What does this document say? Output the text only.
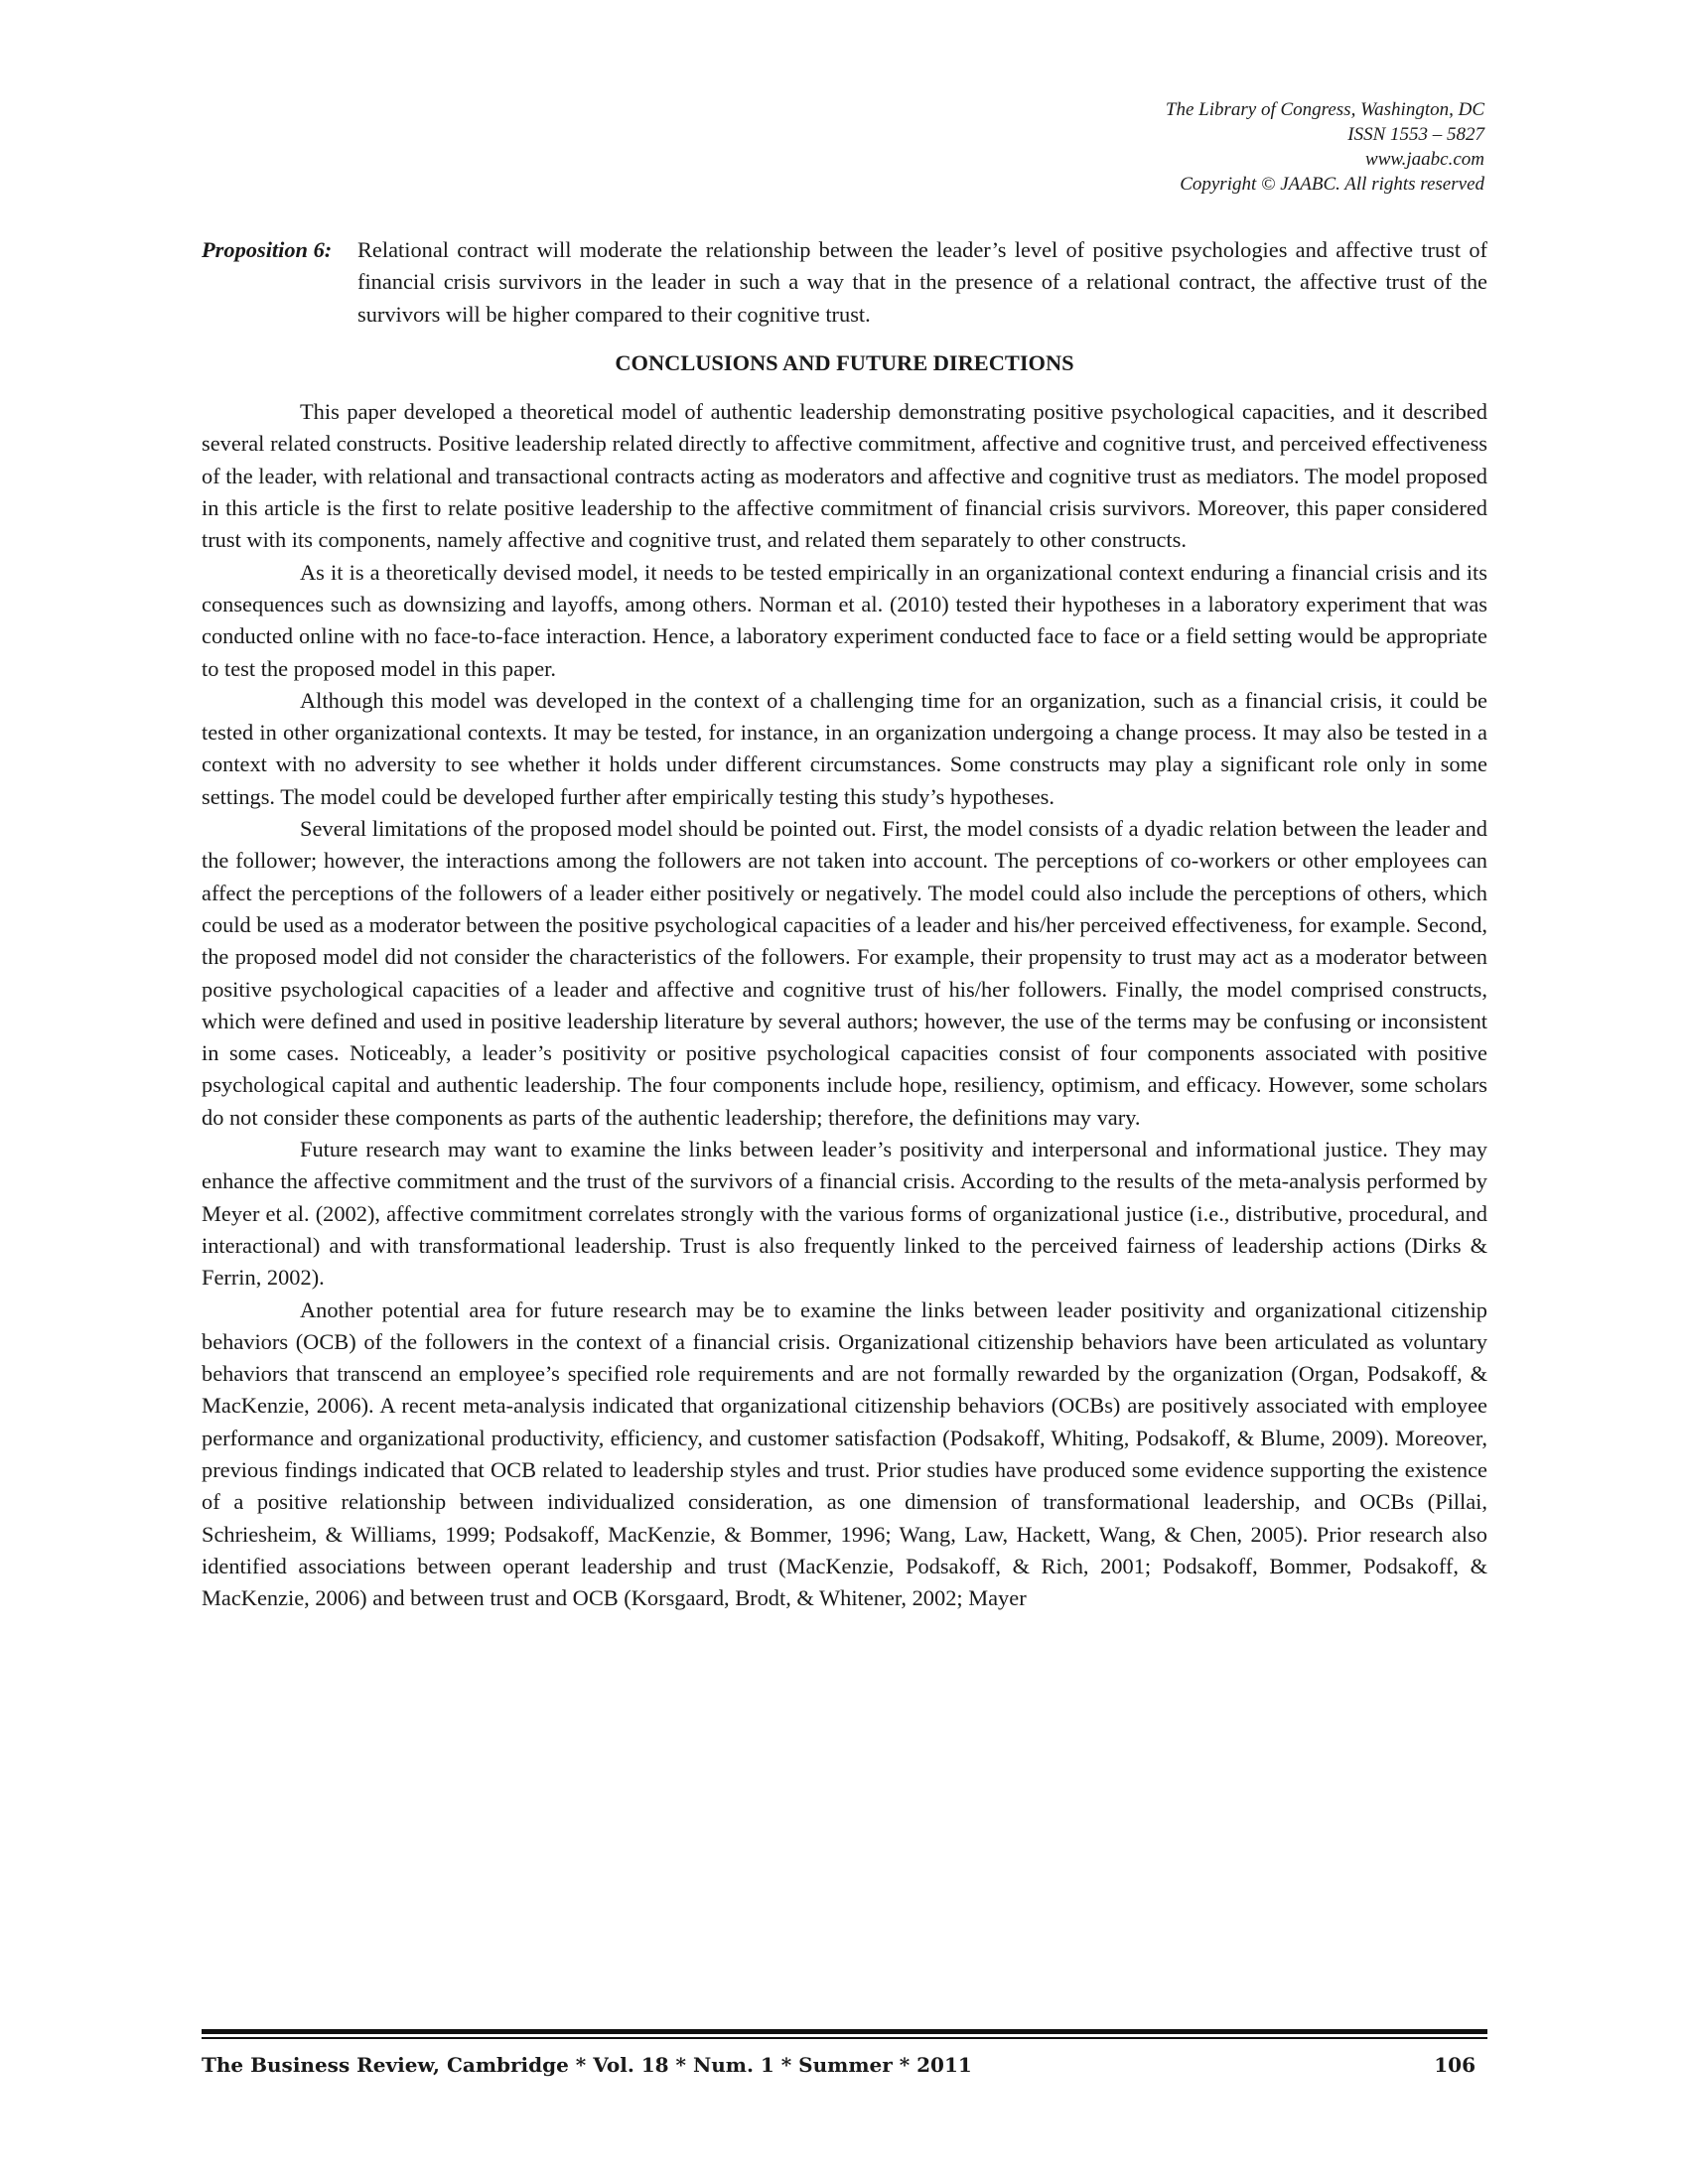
The Library of Congress, Washington, DC
ISSN 1553 – 5827
www.jaabc.com
Copyright © JAABC. All rights reserved
Proposition 6: Relational contract will moderate the relationship between the leader’s level of positive psychologies and affective trust of financial crisis survivors in the leader in such a way that in the presence of a relational contract, the affective trust of the survivors will be higher compared to their cognitive trust.
CONCLUSIONS AND FUTURE DIRECTIONS

This paper developed a theoretical model of authentic leadership demonstrating positive psychological capacities, and it described several related constructs. Positive leadership related directly to affective commitment, affective and cognitive trust, and perceived effectiveness of the leader, with relational and transactional contracts acting as moderators and affective and cognitive trust as mediators. The model proposed in this article is the first to relate positive leadership to the affective commitment of financial crisis survivors. Moreover, this paper considered trust with its components, namely affective and cognitive trust, and related them separately to other constructs.

As it is a theoretically devised model, it needs to be tested empirically in an organizational context enduring a financial crisis and its consequences such as downsizing and layoffs, among others. Norman et al. (2010) tested their hypotheses in a laboratory experiment that was conducted online with no face-to-face interaction. Hence, a laboratory experiment conducted face to face or a field setting would be appropriate to test the proposed model in this paper.

Although this model was developed in the context of a challenging time for an organization, such as a financial crisis, it could be tested in other organizational contexts. It may be tested, for instance, in an organization undergoing a change process. It may also be tested in a context with no adversity to see whether it holds under different circumstances. Some constructs may play a significant role only in some settings. The model could be developed further after empirically testing this study’s hypotheses.

Several limitations of the proposed model should be pointed out. First, the model consists of a dyadic relation between the leader and the follower; however, the interactions among the followers are not taken into account. The perceptions of co-workers or other employees can affect the perceptions of the followers of a leader either positively or negatively. The model could also include the perceptions of others, which could be used as a moderator between the positive psychological capacities of a leader and his/her perceived effectiveness, for example. Second, the proposed model did not consider the characteristics of the followers. For example, their propensity to trust may act as a moderator between positive psychological capacities of a leader and affective and cognitive trust of his/her followers. Finally, the model comprised constructs, which were defined and used in positive leadership literature by several authors; however, the use of the terms may be confusing or inconsistent in some cases. Noticeably, a leader’s positivity or positive psychological capacities consist of four components associated with positive psychological capital and authentic leadership. The four components include hope, resiliency, optimism, and efficacy. However, some scholars do not consider these components as parts of the authentic leadership; therefore, the definitions may vary.

Future research may want to examine the links between leader’s positivity and interpersonal and informational justice. They may enhance the affective commitment and the trust of the survivors of a financial crisis. According to the results of the meta-analysis performed by Meyer et al. (2002), affective commitment correlates strongly with the various forms of organizational justice (i.e., distributive, procedural, and interactional) and with transformational leadership. Trust is also frequently linked to the perceived fairness of leadership actions (Dirks & Ferrin, 2002).

Another potential area for future research may be to examine the links between leader positivity and organizational citizenship behaviors (OCB) of the followers in the context of a financial crisis. Organizational citizenship behaviors have been articulated as voluntary behaviors that transcend an employee’s specified role requirements and are not formally rewarded by the organization (Organ, Podsakoff, & MacKenzie, 2006). A recent meta-analysis indicated that organizational citizenship behaviors (OCBs) are positively associated with employee performance and organizational productivity, efficiency, and customer satisfaction (Podsakoff, Whiting, Podsakoff, & Blume, 2009). Moreover, previous findings indicated that OCB related to leadership styles and trust. Prior studies have produced some evidence supporting the existence of a positive relationship between individualized consideration, as one dimension of transformational leadership, and OCBs (Pillai, Schriesheim, & Williams, 1999; Podsakoff, MacKenzie, & Bommer, 1996; Wang, Law, Hackett, Wang, & Chen, 2005). Prior research also identified associations between operant leadership and trust (MacKenzie, Podsakoff, & Rich, 2001; Podsakoff, Bommer, Podsakoff, & MacKenzie, 2006) and between trust and OCB (Korsgaard, Brodt, & Whitener, 2002; Mayer

The Business Review, Cambridge * Vol. 18 * Num. 1 * Summer * 2011	106
